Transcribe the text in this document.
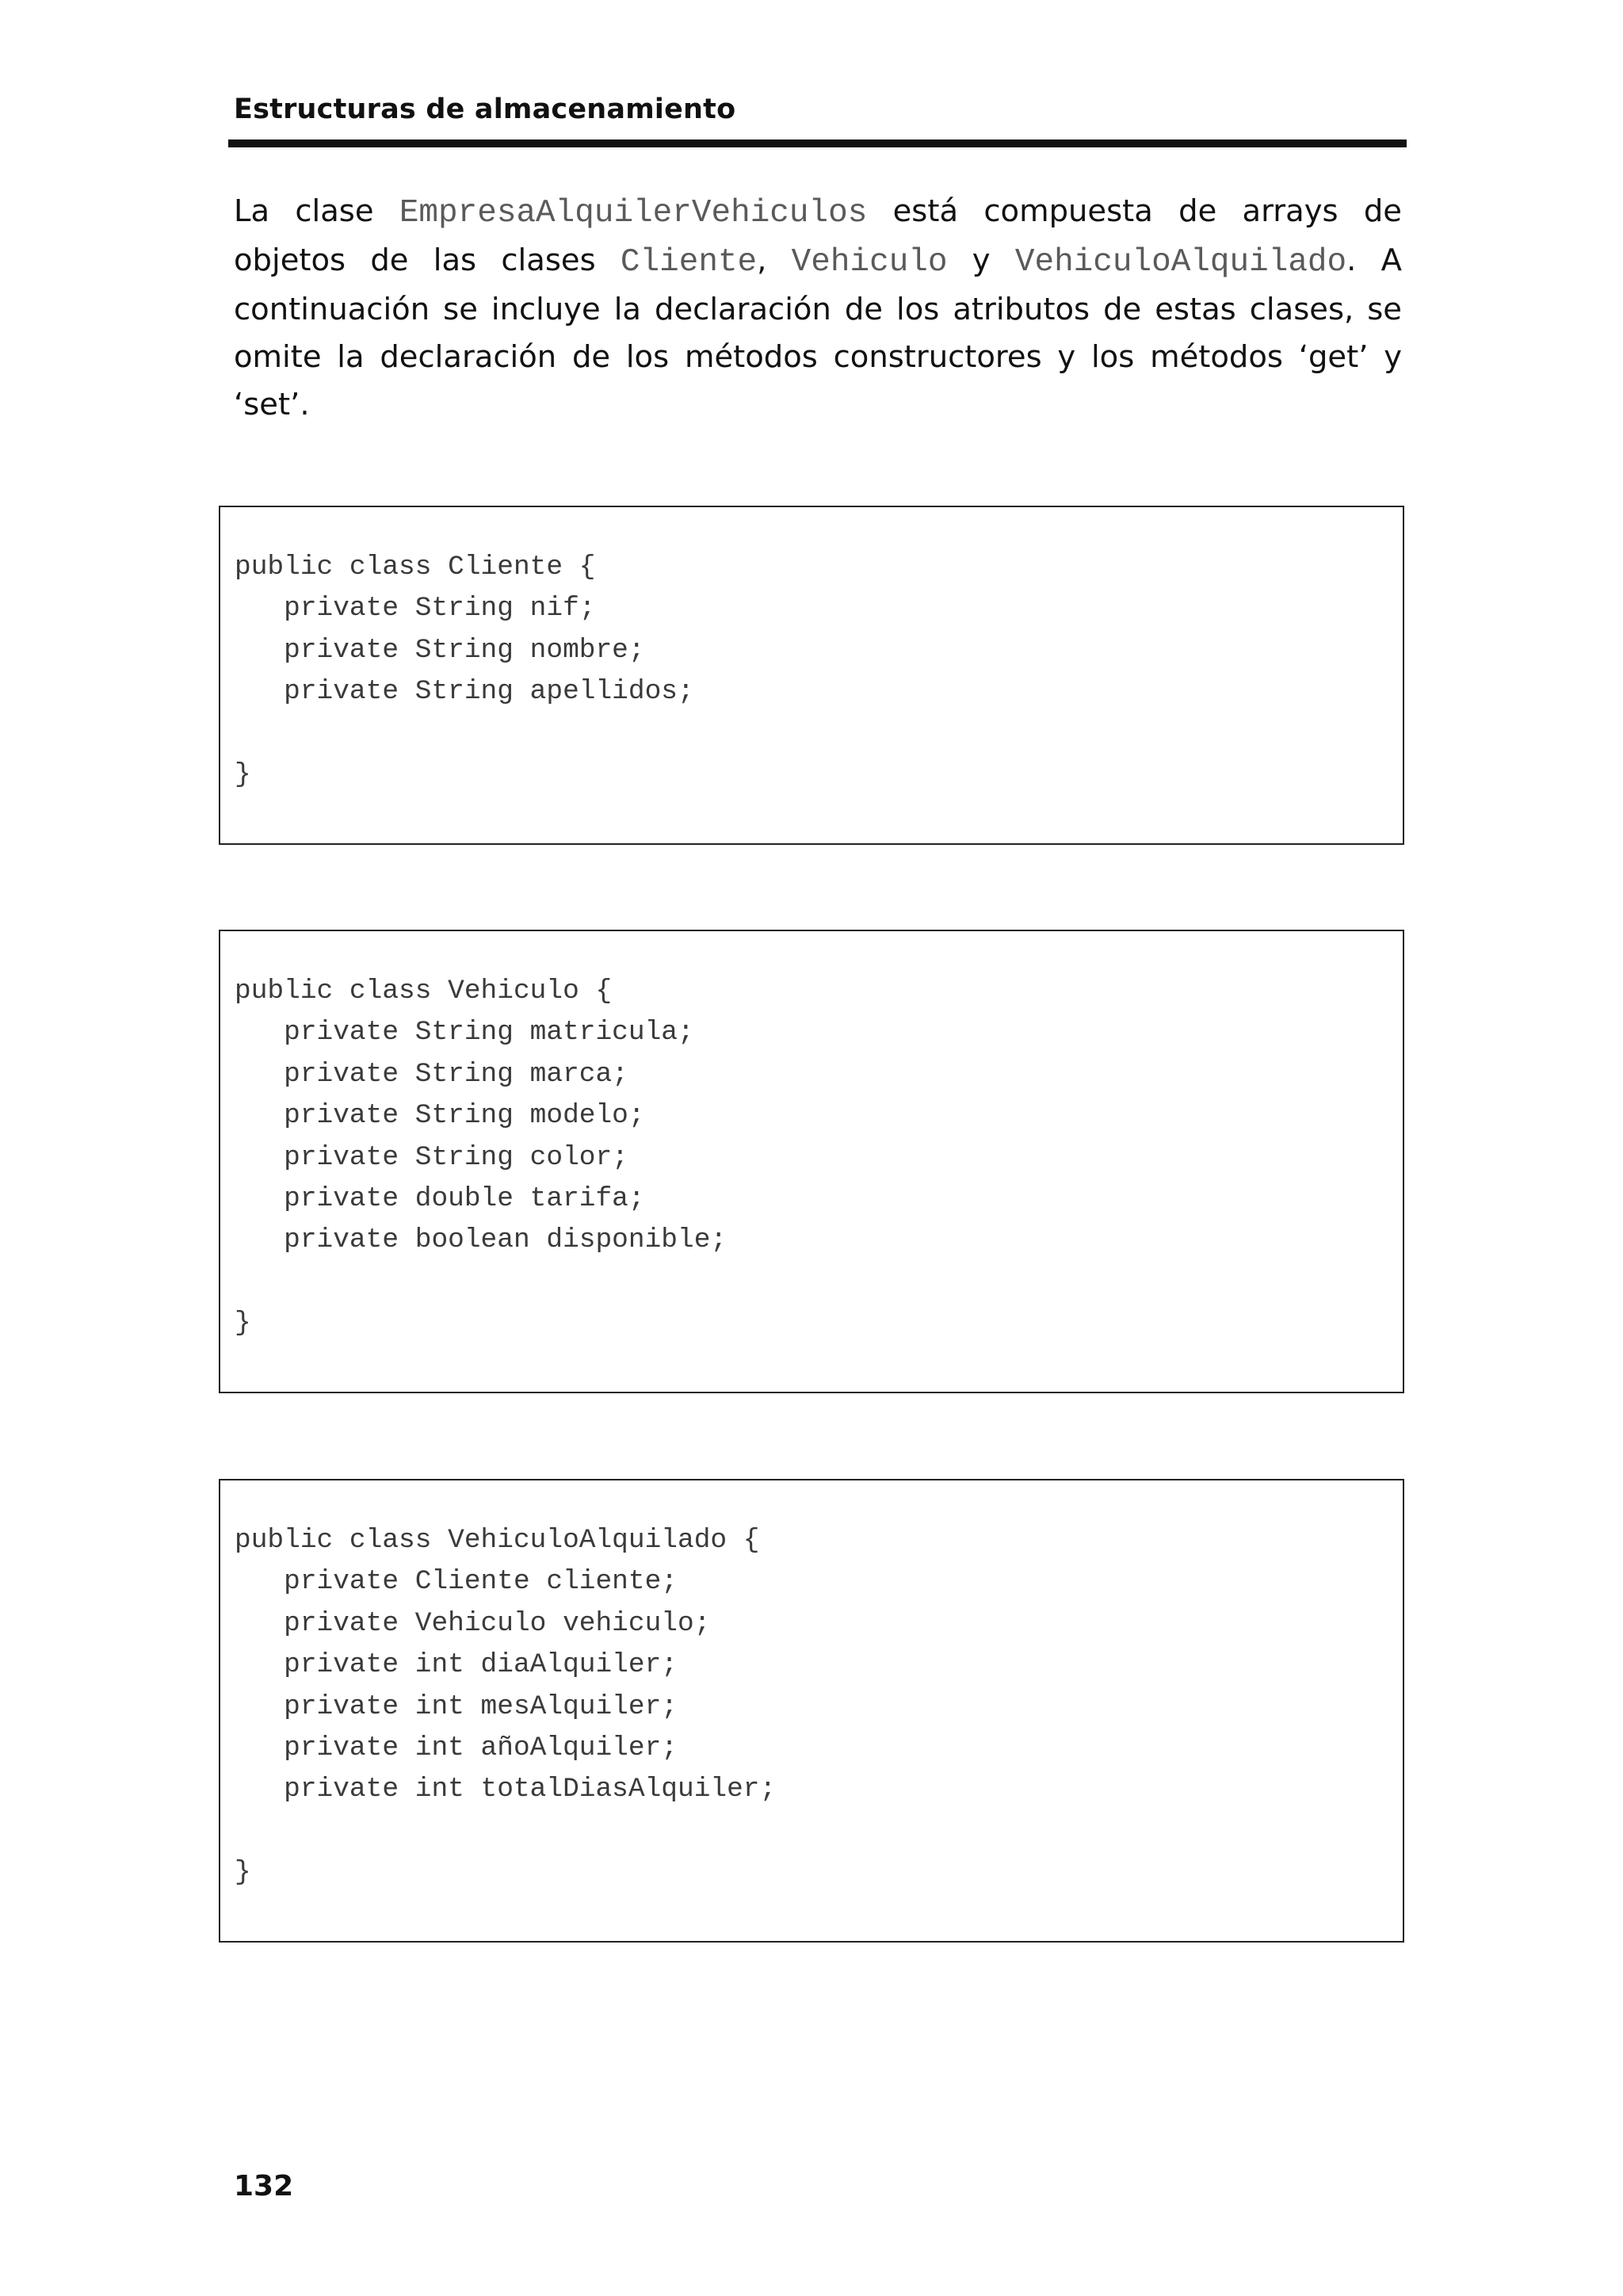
Estructuras de almacenamiento

La clase EmpresaAlquilerVehiculos está compuesta de arrays de objetos de las clases Cliente, Vehiculo y VehiculoAlquilado. A continuación se incluye la declaración de los atributos de estas clases, se omite la declaración de los métodos constructores y los métodos ‘get’ y ‘set’.

public class Cliente {
private String nif;
private String nombre;
private String apellidos;
}
public class Vehiculo {
private String matricula;
private String marca;
private String modelo;
private String color;
private double tarifa;
private boolean disponible;
}
public class VehiculoAlquilado {
private Cliente cliente;
private Vehiculo vehiculo;
private int diaAlquiler;
private int mesAlquiler;
private int añoAlquiler;
private int totalDiasAlquiler;
}
132
